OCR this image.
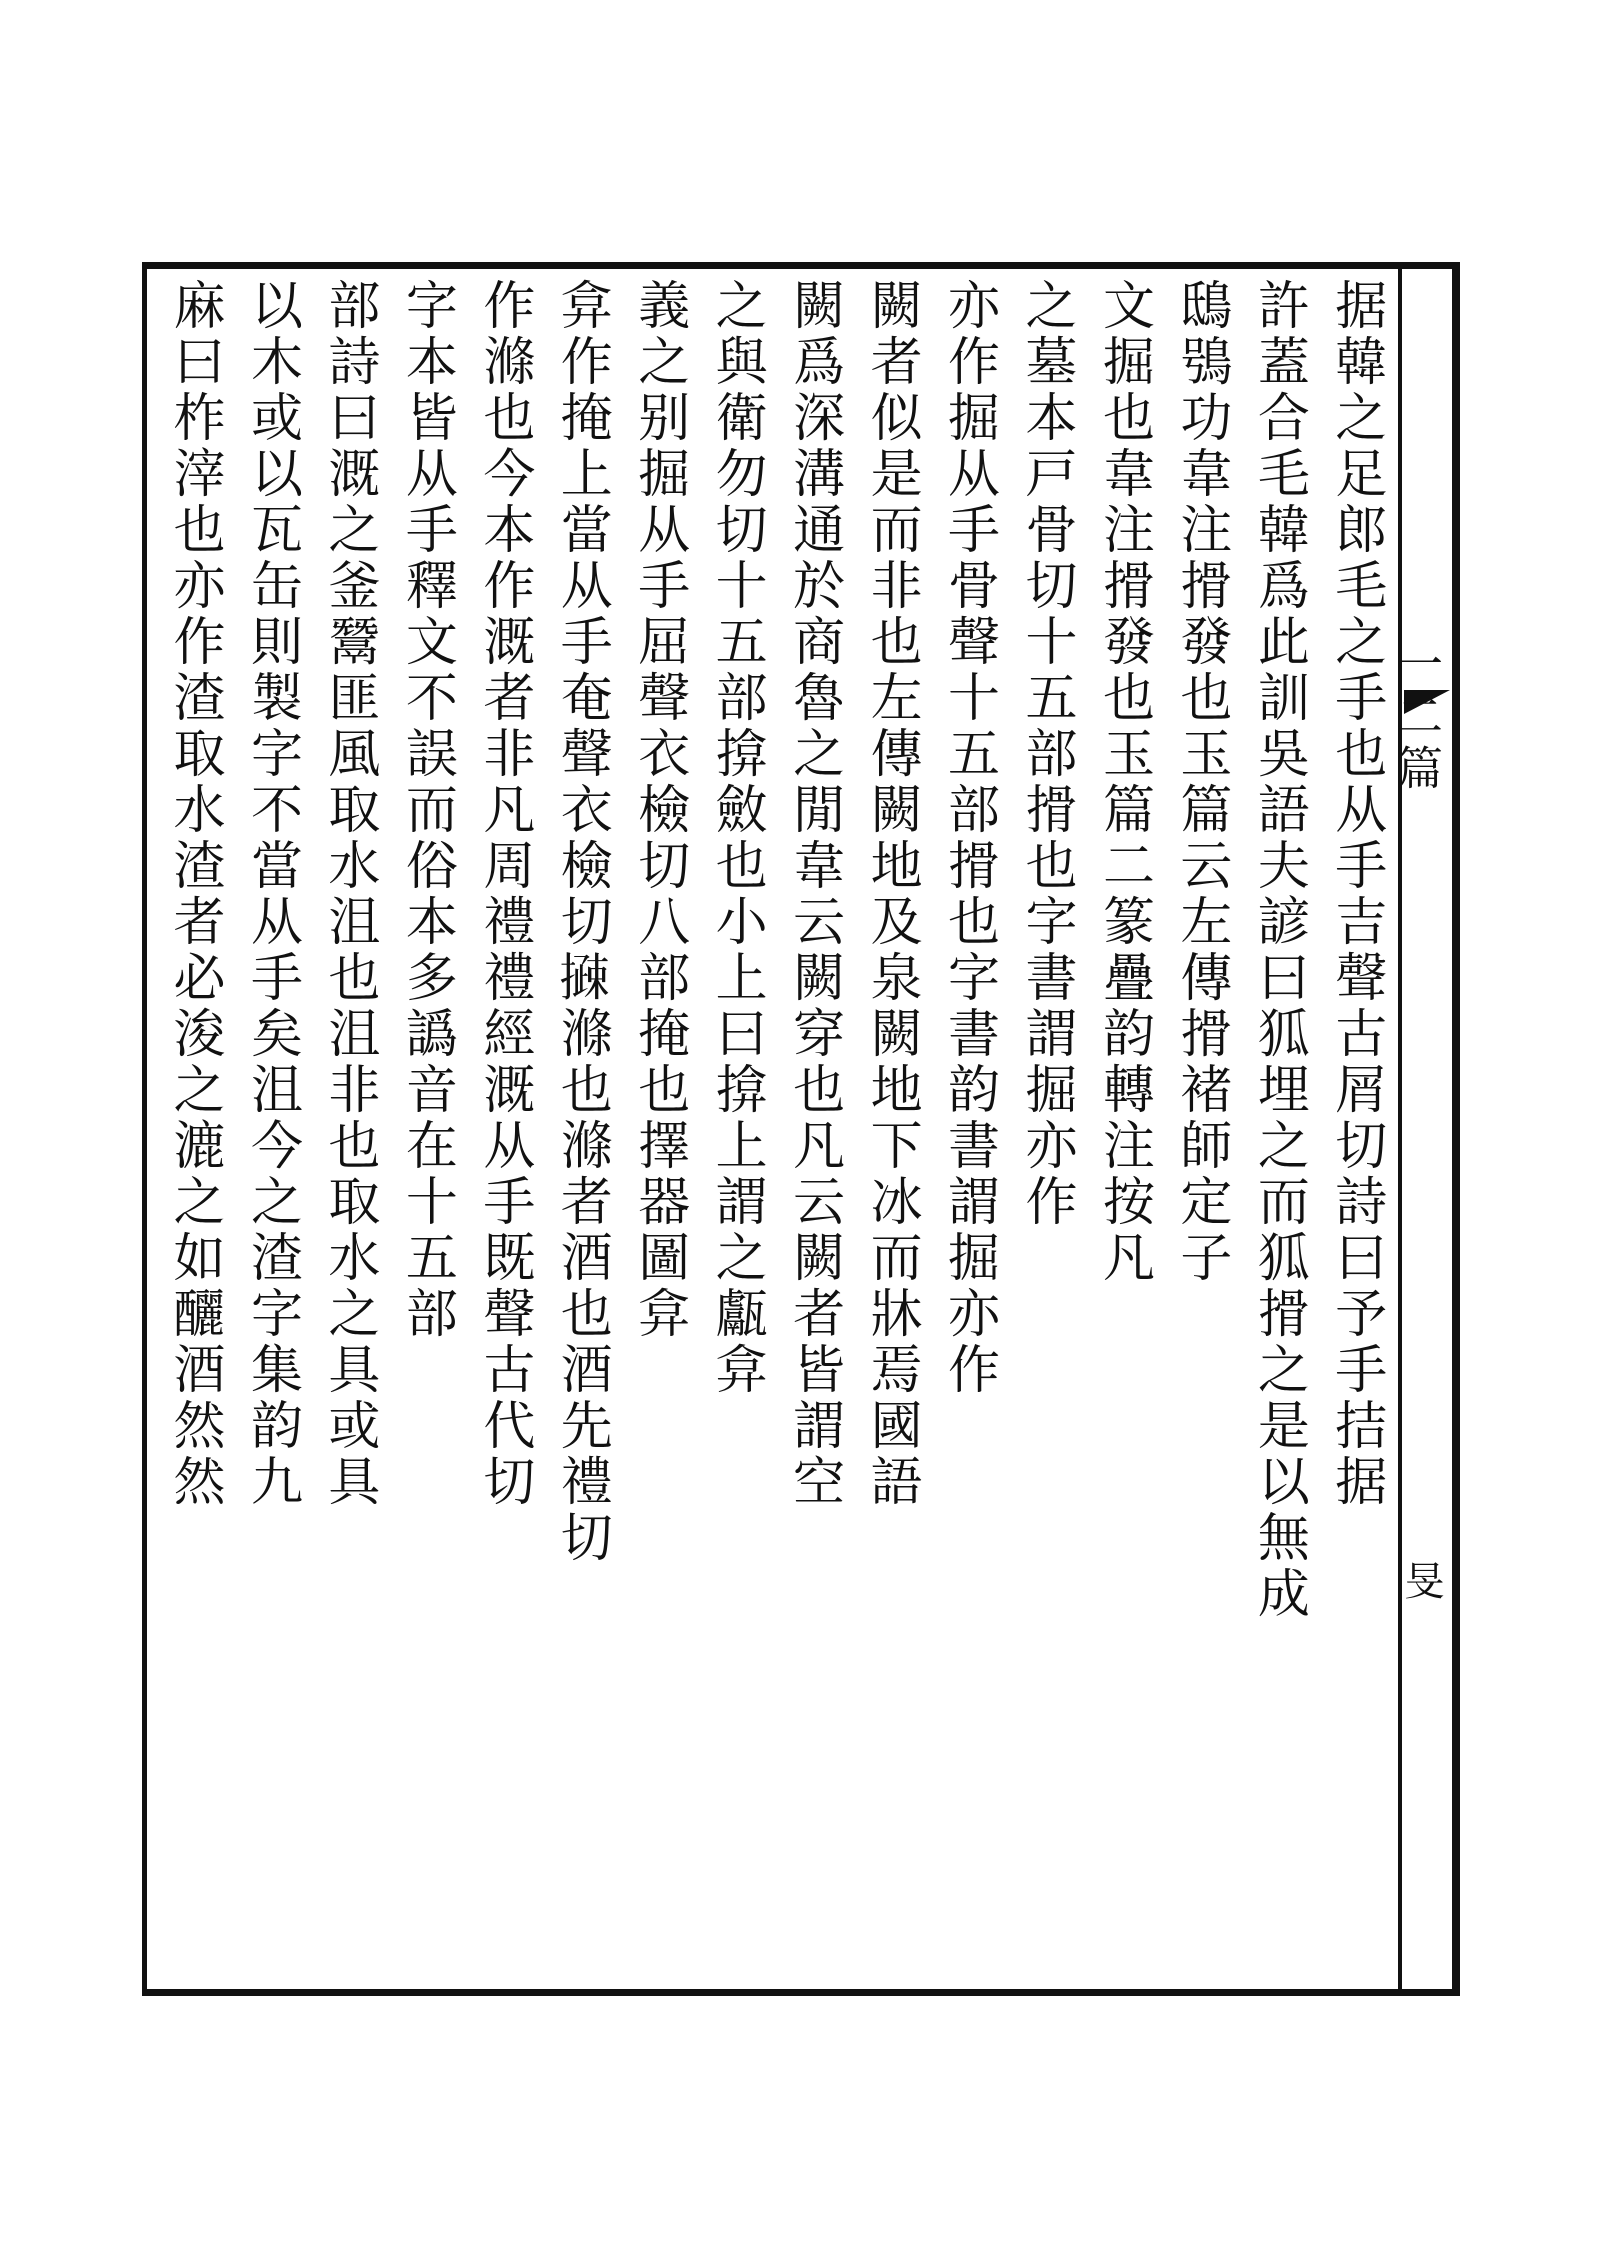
一二篇
旻
据韓之足郎毛之手也从手吉聲古屑切詩曰予手拮据
許蓋合毛韓爲此訓吳語夫諺曰狐埋之而狐搰之是以無成
鴟鴞功韋注搰發也玉篇云左傳搰褚師定子
文掘也韋注搰發也玉篇二篆疊韵轉注按凡
之墓本戸骨切十五部搰也字書謂掘亦作
亦作掘从手骨聲十五部搰也字書韵書謂掘亦作
闕者似是而非也左傳闕地及泉闕地下冰而牀焉國語
闕爲深溝通於商魯之閒韋云闕穿也凡云闕者皆謂空
之與衛勿切十五部揜斂也小上曰揜上謂之甗弇
義之别掘从手屈聲衣檢切八部掩也擇器圖弇
弇作掩上當从手奄聲衣檢切𢵽滌也滌者酒也酒先禮切
作滌也今本作溉者非凡周禮禮經溉从手既聲古代切
字本皆从手釋文不誤而俗本多譌音在十五部
部詩曰溉之釜鬵匪風取水沮也沮非也取水之具或具
以木或以瓦缶則製字不當从手矣沮今之渣字集韵九
麻曰柞滓也亦作渣取水渣者必浚之漉之如釃酒然然
